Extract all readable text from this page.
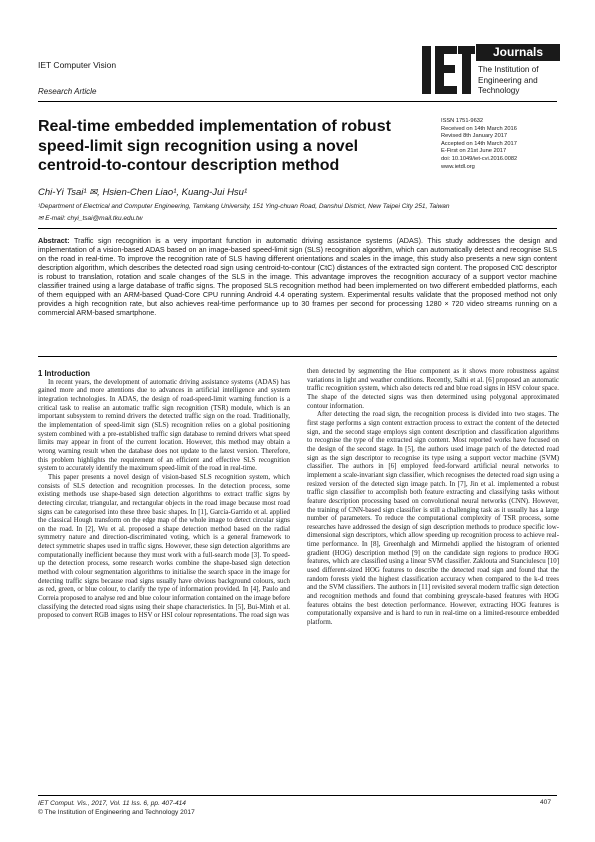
IET Computer Vision
Research Article
Journals
The Institution of
Engineering and Technology
Real-time embedded implementation of robust speed-limit sign recognition using a novel centroid-to-contour description method
ISSN 1751-9632
Received on 14th March 2016
Revised 8th January 2017
Accepted on 14th March 2017
E-First on 21st June 2017
doi: 10.1049/iet-cvi.2016.0082
www.ietdl.org
Chi-Yi Tsai¹ ✉, Hsien-Chen Liao¹, Kuang-Jui Hsu¹
¹Department of Electrical and Computer Engineering, Tamkang University, 151 Ying-chuan Road, Danshui District, New Taipei City 251, Taiwan
✉ E-mail: chyi_tsai@mail.tku.edu.tw
Abstract: Traffic sign recognition is a very important function in automatic driving assistance systems (ADAS). This study addresses the design and implementation of a vision-based ADAS based on an image-based speed-limit sign (SLS) recognition algorithm, which can automatically detect and recognise SLS on the road in real-time. To improve the recognition rate of SLS having different orientations and scales in the image, this study also presents a new sign content description algorithm, which describes the detected road sign using centroid-to-contour (CtC) distances of the extracted sign content. The proposed CtC descriptor is robust to translation, rotation and scale changes of the SLS in the image. This advantage improves the recognition accuracy of a support vector machine classifier trained using a large database of traffic signs. The proposed SLS recognition method had been implemented on two different embedded platforms, each of them equipped with an ARM-based Quad-Core CPU running Android 4.4 operating system. Experimental results validate that the proposed method not only provides a high recognition rate, but also achieves real-time performance up to 30 frames per second for processing 1280 × 720 video streams running on a commercial ARM-based smartphone.

1 Introduction

In recent years, the development of automatic driving assistance systems (ADAS) has gained more and more attentions due to advances in artificial intelligence and system integration technologies. In ADAS, the design of road-speed-limit warning function is a critical task to realise an automatic traffic sign recognition (TSR) module, which is an important subsystem to remind drivers the detected traffic sign on the road. Traditionally, the implementation of speed-limit sign (SLS) recognition relies on a global positioning system combined with a pre-established traffic sign database to remind drivers what speed limits may appear in front of the current location. However, this method may obtain a wrong warning result when the database does not update to the latest version. Therefore, this problem highlights the requirement of an efficient and effective SLS recognition system to accurately identify the maximum speed-limit of the road in real-time.

This paper presents a novel design of vision-based SLS recognition system, which consists of SLS detection and recognition processes. In the detection process, some existing methods use shape-based sign detection algorithms to extract traffic signs by detecting circular, triangular, and rectangular objects in the road image because most road signs can be categorised into these three basic shapes. In [1], García-Garrido et al. applied the classical Hough transform on the edge map of the whole image to detect circular signs on the road. In [2], Wu et al. proposed a shape detection method based on the radial symmetry nature and direction-discriminated voting, which is a general framework to detect symmetric shapes used in traffic signs. However, these sign detection algorithms are computationally inefficient because they must work with a full-search mode [3]. To speed-up the detection process, some research works combine the shape-based sign detection method with colour segmentation algorithms to initialise the search space in the image for detecting traffic signs because road signs usually have obvious background colours, such as red, green, or blue colour, to clarify the type of information provided. In [4], Paulo and Correia proposed to analyse red and blue colour information contained on the image before classifying the detected road signs using their shape characteristics. In [5], Bui-Minh et al. proposed to convert RGB images to HSV or HSI colour representations. The road sign was

then detected by segmenting the Hue component as it shows more robustness against variations in light and weather conditions. Recently, Salhi et al. [6] proposed an automatic traffic recognition system, which also detects red and blue road signs in HSV colour space. The shape of the detected signs was then determined using polygonal approximated contour information.

After detecting the road sign, the recognition process is divided into two stages. The first stage performs a sign content extraction process to extract the content of the detected sign, and the second stage employs sign content description and classification algorithms to recognise the type of the extracted sign content. Most reported works have focused on the design of the second stage. In [5], the authors used image patch of the detected road sign as the sign descriptor to recognise its type using a support vector machine (SVM) classifier. The authors in [6] employed feed-forward artificial neural networks to implement a scale-invariant sign classifier, which recognises the detected road sign using a resized version of the detected sign image patch. In [7], Jin et al. implemented a robust traffic sign classifier to accomplish both feature extracting and classifying tasks without feature description processing based on convolutional neural networks (CNN). However, the training of CNN-based sign classifier is still a challenging task as it usually has a large number of parameters. To reduce the computational complexity of TSR process, some researches have addressed the design of sign description methods to produce specific low-dimensional sign descriptors, which allow speeding up recognition process to achieve real-time performance. In [8], Greenhalgh and Mirmehdi applied the histogram of oriented gradient (HOG) description method [9] on the candidate sign regions to produce HOG features, which are classified using a linear SVM classifier. Zaklouta and Stanciulescu [10] used different-sized HOG features to describe the detected road sign and found that the random forests yield the highest classification accuracy when compared to the k-d trees and the SVM classifiers. The authors in [11] revisited several modern traffic sign detection and recognition methods and found that combining greyscale-based features with HOG features obtains the best detection performance. However, extracting HOG features is computationally expansive and is hard to run in real-time on a limited-resource embedded platform.

IET Comput. Vis., 2017, Vol. 11 Iss. 6, pp. 407-414
© The Institution of Engineering and Technology 2017
407
